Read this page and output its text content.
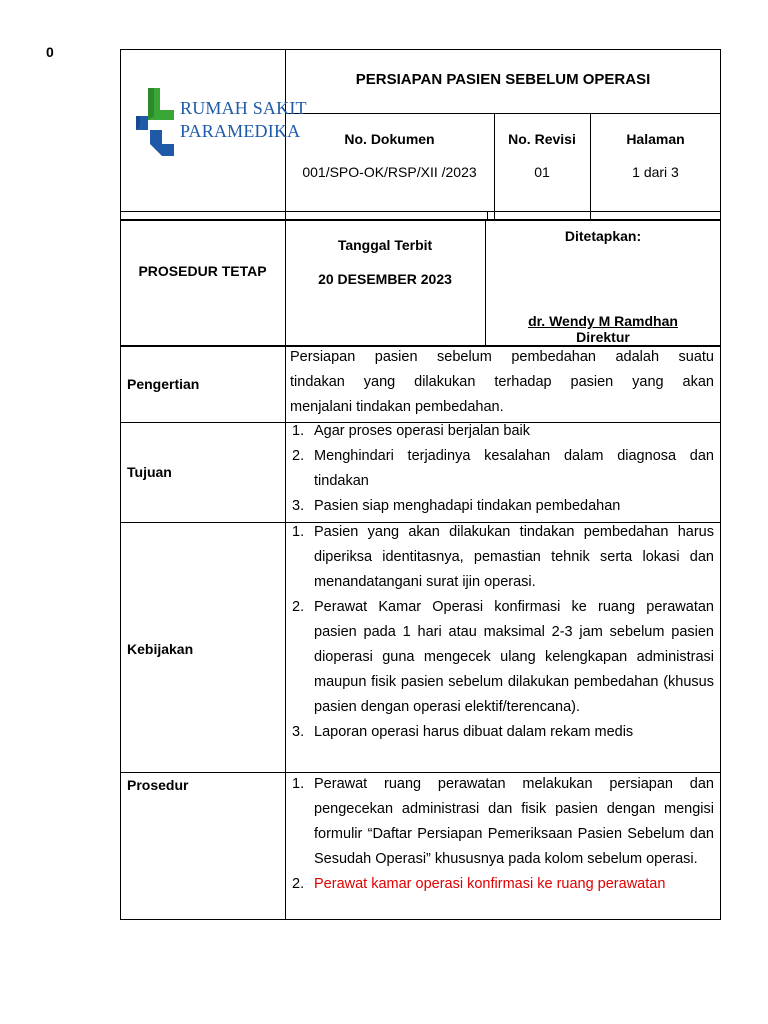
0
RUMAH SAKIT
PARAMEDIKA
PERSIAPAN PASIEN SEBELUM OPERASI
No. Dokumen
001/SPO-OK/RSP/XII /2023
No. Revisi
01
Halaman
1 dari 3
PROSEDUR TETAP
Tanggal Terbit
20 DESEMBER 2023
Ditetapkan:
dr. Wendy M Ramdhan
Direktur
Pengertian
Persiapan pasien sebelum pembedahan adalah suatu
tindakan yang dilakukan terhadap pasien yang akan
menjalani tindakan pembedahan.
Tujuan
1. Agar proses operasi berjalan baik
2. Menghindari terjadinya kesalahan dalam diagnosa dan tindakan
3. Pasien siap menghadapi tindakan pembedahan
Kebijakan
1. Pasien yang akan dilakukan tindakan pembedahan harus diperiksa identitasnya, pemastian tehnik serta lokasi dan menandatangani surat ijin operasi.
2. Perawat Kamar Operasi konfirmasi ke ruang perawatan pasien pada 1 hari atau maksimal 2-3 jam sebelum pasien dioperasi guna mengecek ulang kelengkapan administrasi maupun fisik pasien sebelum dilakukan pembedahan (khusus pasien dengan operasi elektif/terencana).
3. Laporan operasi harus dibuat dalam rekam medis
Prosedur	1. Perawat ruang perawatan melakukan persiapan dan pengecekan administrasi dan fisik pasien dengan mengisi formulir “Daftar Persiapan Pemeriksaan Pasien Sebelum dan Sesudah Operasi” khususnya pada kolom sebelum operasi.
2. Perawat kamar operasi konfirmasi ke ruang perawatan
